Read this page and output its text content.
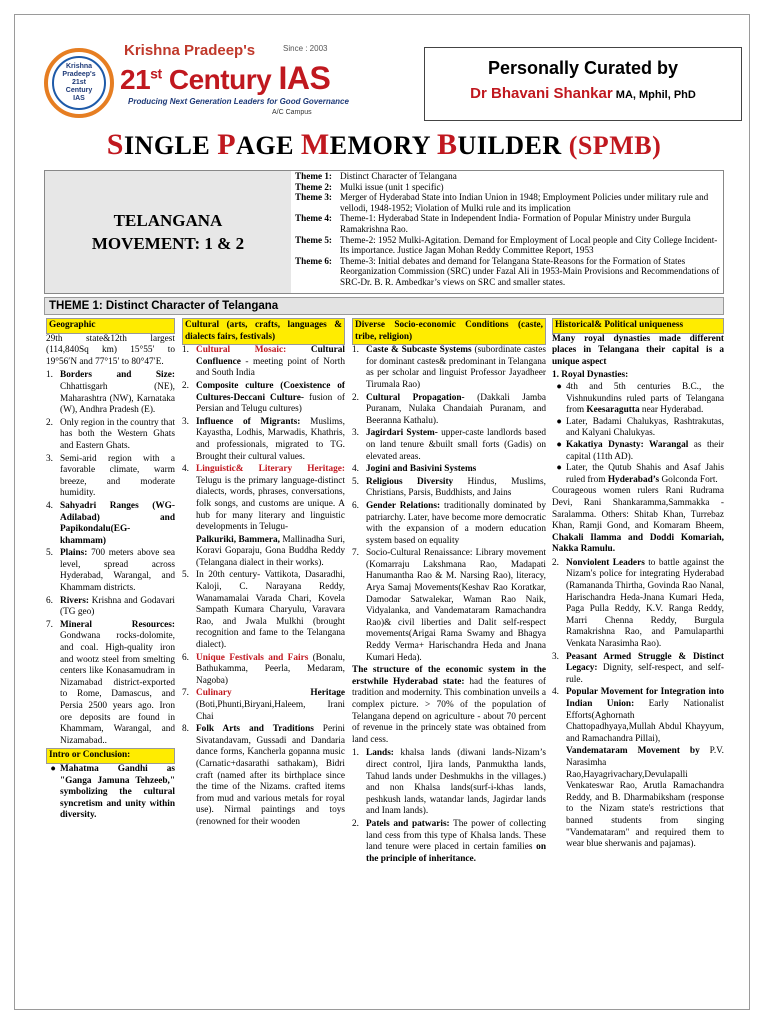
Krishna
Pradeep's
21st
Century
IAS
Krishna Pradeep's	Since : 2003
21st Century IAS
Producing Next Generation Leaders for Good Governance
A/C Campus
Personally Curated by
Dr Bhavani Shankar MA, Mphil, PhD
SINGLE PAGE MEMORY BUILDER (SPMB)
TELANGANA
MOVEMENT: 1 & 2
Theme 1: Distinct Character of Telangana
Theme 2: Mulki issue (unit 1 specific)
Theme 3: Merger of Hyderabad State into Indian Union in 1948; Employment Policies under military rule and vellodi, 1948-1952; Violation of Mulki rule and its implication
Theme 4: Theme-1: Hyderabad State in Independent India- Formation of Popular Ministry under Burgula Ramakrishna Rao.
Theme 5: Theme-2: 1952 Mulki-Agitation. Demand for Employment of Local people and City College Incident- Its importance. Justice Jagan Mohan Reddy Committee Report, 1953
Theme 6: Theme-3: Initial debates and demand for Telangana State-Reasons for the Formation of States Reorganization Commission (SRC) under Fazal Ali in 1953-Main Provisions and Recommendations of SRC-Dr. B. R. Ambedkar’s views on SRC and smaller states.
THEME 1: Distinct Character of Telangana
Geographic
29th state&12th largest (114,840Sq km) 15°55′ to 19°56′N and 77°15′ to 80°47′E.
1. Borders and Size: Chhattisgarh (NE), Maharashtra (NW), Karnataka (W), Andhra Pradesh (E).
2. Only region in the country that has both the Western Ghats and Eastern Ghats.
3. Semi-arid region with a favorable climate, warm breeze, and moderate humidity.
4. Sahyadri Ranges (WG-Adilabad) and Papikondalu(EG-khammam)
5. Plains: 700 meters above sea level, spread across Hyderabad, Warangal, and Khammam districts.
6. Rivers: Krishna and Godavari (TG geo)
7. Mineral Resources: Gondwana rocks-dolomite, and coal. High-quality iron and wootz steel from smelting centers like Konasamudram in Nizamabad district-exported to Rome, Damascus, and Persia 2500 years ago. Iron ore deposits are found in Khammam, Warangal, and Nizamabad..
Intro or Conclusion:
● Mahatma Gandhi as "Ganga Jamuna Tehzeeb," symbolizing the cultural syncretism and unity within diversity.
Cultural (arts, crafts, languages & dialects fairs, festivals)
1. Cultural Mosaic: Cultural Confluence - meeting point of North and South India
2. Composite culture (Coexistence of Cultures-Deccani Culture- fusion of Persian and Telugu cultures)
3. Influence of Migrants: Muslims, Kayastha, Lodhis, Marwadis, Khathris, and professionals, migrated to TG. Brought their cultural values.
4. Linguistic& Literary Heritage: Telugu is the primary language-distinct dialects, words, phrases, conversations, folk songs, and customs are unique. A hub for many literary and linguistic developments in Telugu-
Palkuriki, Bammera, Mallinadha Suri, Koravi Goparaju, Gona Buddha Reddy (Telangana dialect in their works).
5. In 20th century- Vattikota, Dasaradhi, Kaloji, C. Narayana Reddy, Wanamamalai Varada Chari, Kovela Sampath Kumara Charyulu, Varavara Rao, and Jwala Mulkhi (brought recognition and fame to the Telangana dialect).
6. Unique Festivals and Fairs (Bonalu, Bathukamma, Peerla, Medaram, Nagoba)
7. Culinary Heritage (Boti,Phunti,Biryani,Haleem, Irani Chai
8. Folk Arts and Traditions Perini Sivatandavam, Gussadi and Dandaria dance forms, Kancherla gopanna music (Carnatic+dasarathi sathakam), Bidri craft (named after its birthplace since the time of the Nizams. crafted items from mud and various metals for royal use). Nirmal paintings and toys (renowned for their wooden
Diverse Socio-economic Conditions (caste, tribe, religion)
1. Caste & Subcaste Systems (subordinate castes for dominant castes& predominant in Telangana as per scholar and linguist Professor Jayadheer Tirumala Rao)
2. Cultural Propagation- (Dakkali Jamba Puranam, Nulaka Chandaiah Puranam, and Beeranna Kathalu).
3. Jagirdari System- upper-caste landlords based on land tenure &built small forts (Gadis) on elevated areas.
4. Jogini and Basivini Systems
5. Religious Diversity Hindus, Muslims, Christians, Parsis, Buddhists, and Jains
6. Gender Relations: traditionally dominated by patriarchy. Later, have become more democratic with the expansion of a modern education system based on equality
7. Socio-Cultural Renaissance: Library movement (Komarraju Lakshmana Rao, Madapati Hanumantha Rao & M. Narsing Rao), literacy, Arya Samaj Movements(Keshav Rao Koratkar, Damodar Satwalekar, Waman Rao Naik, Vidyalanka, and Vandemataram Ramachandra Rao)& civil liberties and Dalit self-respect movements(Arigai Rama Swamy and Bhagya Reddy Verma+ Harischandra Heda and Jnana Kumari Heda).
The structure of the economic system in the erstwhile Hyderabad state: had the features of tradition and modernity. This combination unveils a complex picture. > 70% of the population of Telangana depend on agriculture - about 70 percent of revenue in the princely state was obtained from land cess.
1. Lands: khalsa lands (diwani lands-Nizam’s direct control, Ijira lands, Panmuktha lands, Tahud lands under Deshmukhs in the villages.) and non Khalsa lands(surf-i-khas lands, peshkush lands, watandar lands, Jagirdar lands and Inam lands).
2. Patels and patwaris: The power of collecting land cess from this type of Khalsa lands. These land tenure were placed in certain families on the principle of inheritance.
Historical& Political uniqueness
Many royal dynasties made different places in Telangana their capital is a unique aspect
1. Royal Dynasties:
● 4th and 5th centuries B.C., the Vishnukundins ruled parts of Telangana from Keesaragutta near Hyderabad.
● Later, Badami Chalukyas, Rashtrakutas, and Kalyani Chalukyas.
● Kakatiya Dynasty: Warangal as their capital (11th AD).
● Later, the Qutub Shahis and Asaf Jahis ruled from Hyderabad’s Golconda Fort.
Courageous women rulers Rani Rudrama Devi, Rani Shankaramma,Sammakka - Saralamma. Others: Shitab Khan, Turrebaz Khan, Ramji Gond, and Komaram Bheem, Chakali Ilamma and Doddi Komariah, Nakka Ramulu.
2. Nonviolent Leaders to battle against the Nizam's police for integrating Hyderabad (Ramananda Thirtha, Govinda Rao Nanal, Harischandra Heda-Jnana Kumari Heda, Paga Pulla Reddy, K.V. Ranga Reddy, Marri Chenna Reddy, Burgula Ramakrishna Rao, and Pamulaparthi Venkata Narasimha Rao).
3. Peasant Armed Struggle & Distinct Legacy: Dignity, self-respect, and self-rule.
4. Popular Movement for Integration into Indian Union: Early Nationalist Efforts(Aghornath Chattopadhyaya,Mullah Abdul Khayyum, and Ramachandra Pillai),
Vandemataram Movement by P.V. Narasimha Rao,Hayagrivachary,Devulapalli Venkateswar Rao, Arutla Ramachandra Reddy, and B. Dharmabiksham (response to the Nizam state's restrictions that banned students from singing "Vandemataram" and required them to wear blue sherwanis and pajamas).
